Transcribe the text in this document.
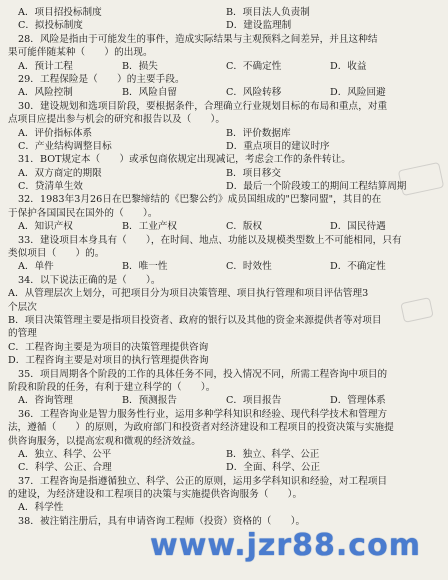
A．项目招投标制度	B．项目法人负责制
C．拟投标制度	D．建设监理制
28．风险是指由于可能发生的事件，造成实际结果与主观预料之间差异，并且这种结
果可能伴随某种（　　）的出现。
A．预计工程	B．损失	C．不确定性	D．收益
29．工程保险是（　　）的主要手段。
A．风险控制	B．风险自留	C．风险转移	D．风险回避
30．建设规划和选项目阶段，要根据条件，合理确立行业规划目标的布局和重点，对重
点项目应提出参与机会的研究和报告以及（　　）。
A．评价指标体系	B．评价数据库
C．产业结构调整目标	D．重点项目的建议时序
31．BOT规定本（　　）或承包商依规定出现减记，考虑会工作的条件转让。
A．双方商定的期限	B．项目移交
C．贷清单生效	D．最后一个阶段竣工的期间工程结算周期
32．1983年3月26日在巴黎缔结的《巴黎公约》成员国组成的"巴黎同盟"，其目的在
于保护各国国民在国外的（　　）。
A．知识产权	B．工业产权	C．版权	D．国民待遇
33．建设项目本身具有（　　），在时间、地点、功能以及规模类型数上不可能相同，只有
类似项目（　　）的。
A．单件	B．唯一性	C．时效性	D．不确定性
34．以下说法正确的是（　　）。
A．从管理层次上划分，可把项目分为项目决策管理、项目执行管理和项目评估管理3
个层次
B．项目决策管理主要是指项目投资者、政府的银行以及其他的资金来源提供者等对项目
的管理
C．工程咨询主要是为项目的决策管理提供咨询
D．工程咨询主要是对项目的执行管理提供咨询
35．项目周期各个阶段的工作的具体任务不同，投入情况不同，所需工程咨询中项目的
阶段和阶段的任务，有利于建立科学的（　　）。
A．咨询管理	B．预测报告	C．项目报告	D．管理体系
36．工程咨询业是智力服务性行业，运用多种学科知识和经验、现代科学技术和管理方
法，遵循（　　）的原则，为政府部门和投资者对经济建设和工程项目的投资决策与实施提
供咨询服务，以提高宏观和微观的经济效益。
A．独立、科学、公平	B．独立、科学、公正
C．科学、公正、合理	D．全面、科学、公正
37．工程咨询是指遵循独立、科学、公正的原则，运用多学科知识和经验，对工程项目
的建设，为经济建设和工程项目的决策与实施提供咨询服务（　　）。
A．科学性
38．被注销注册后，具有申请咨询工程师（投资）资格的（　　）。
www.jzr88.com
